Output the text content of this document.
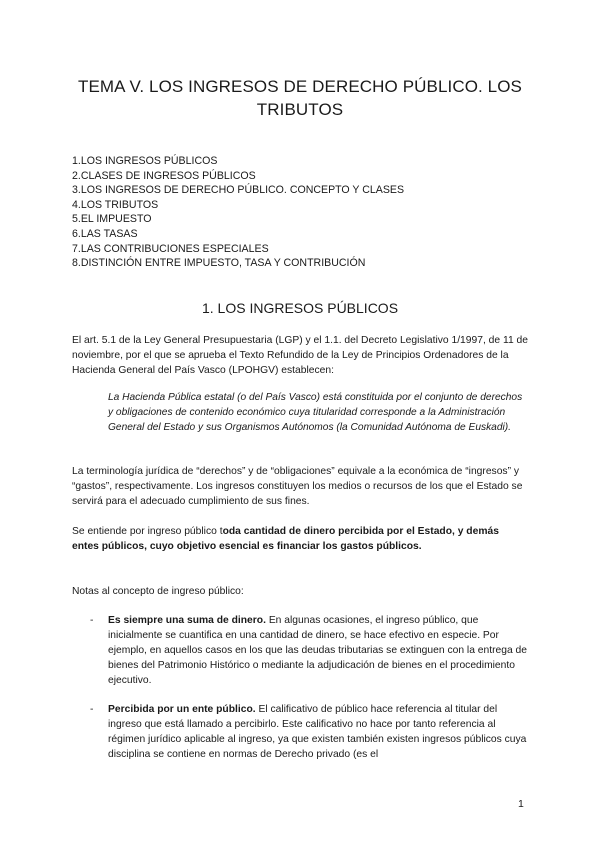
TEMA V. LOS INGRESOS DE DERECHO PÚBLICO. LOS TRIBUTOS
1.LOS INGRESOS PÚBLICOS
2.CLASES DE INGRESOS PÚBLICOS
3.LOS INGRESOS DE DERECHO PÚBLICO. CONCEPTO Y CLASES
4.LOS TRIBUTOS
5.EL IMPUESTO
6.LAS TASAS
7.LAS CONTRIBUCIONES ESPECIALES
8.DISTINCIÓN ENTRE IMPUESTO, TASA Y CONTRIBUCIÓN
1. LOS INGRESOS PÚBLICOS

El art. 5.1 de la Ley General Presupuestaria (LGP) y el 1.1. del Decreto Legislativo 1/1997, de 11 de noviembre, por el que se aprueba el Texto Refundido de la Ley de Principios Ordenadores de la Hacienda General del País Vasco (LPOHGV) establecen:

La Hacienda Pública estatal (o del País Vasco) está constituida por el conjunto de derechos y obligaciones de contenido económico cuya titularidad corresponde a la Administración General del Estado y sus Organismos Autónomos (la Comunidad Autónoma de Euskadi).

La terminología jurídica de “derechos” y de “obligaciones” equivale a la económica de “ingresos” y “gastos”, respectivamente. Los ingresos constituyen los medios o recursos de los que el Estado se servirá para el adecuado cumplimiento de sus fines.

Se entiende por ingreso público toda cantidad de dinero percibida por el Estado, y demás entes públicos, cuyo objetivo esencial es financiar los gastos públicos.

Notas al concepto de ingreso público:

- Es siempre una suma de dinero. En algunas ocasiones, el ingreso público, que inicialmente se cuantifica en una cantidad de dinero, se hace efectivo en especie. Por ejemplo, en aquellos casos en los que las deudas tributarias se extinguen con la entrega de bienes del Patrimonio Histórico o mediante la adjudicación de bienes en el procedimiento ejecutivo.
- Percibida por un ente público. El calificativo de público hace referencia al titular del ingreso que está llamado a percibirlo. Este calificativo no hace por tanto referencia al régimen jurídico aplicable al ingreso, ya que existen también existen ingresos públicos cuya disciplina se contiene en normas de Derecho privado (es el
1
